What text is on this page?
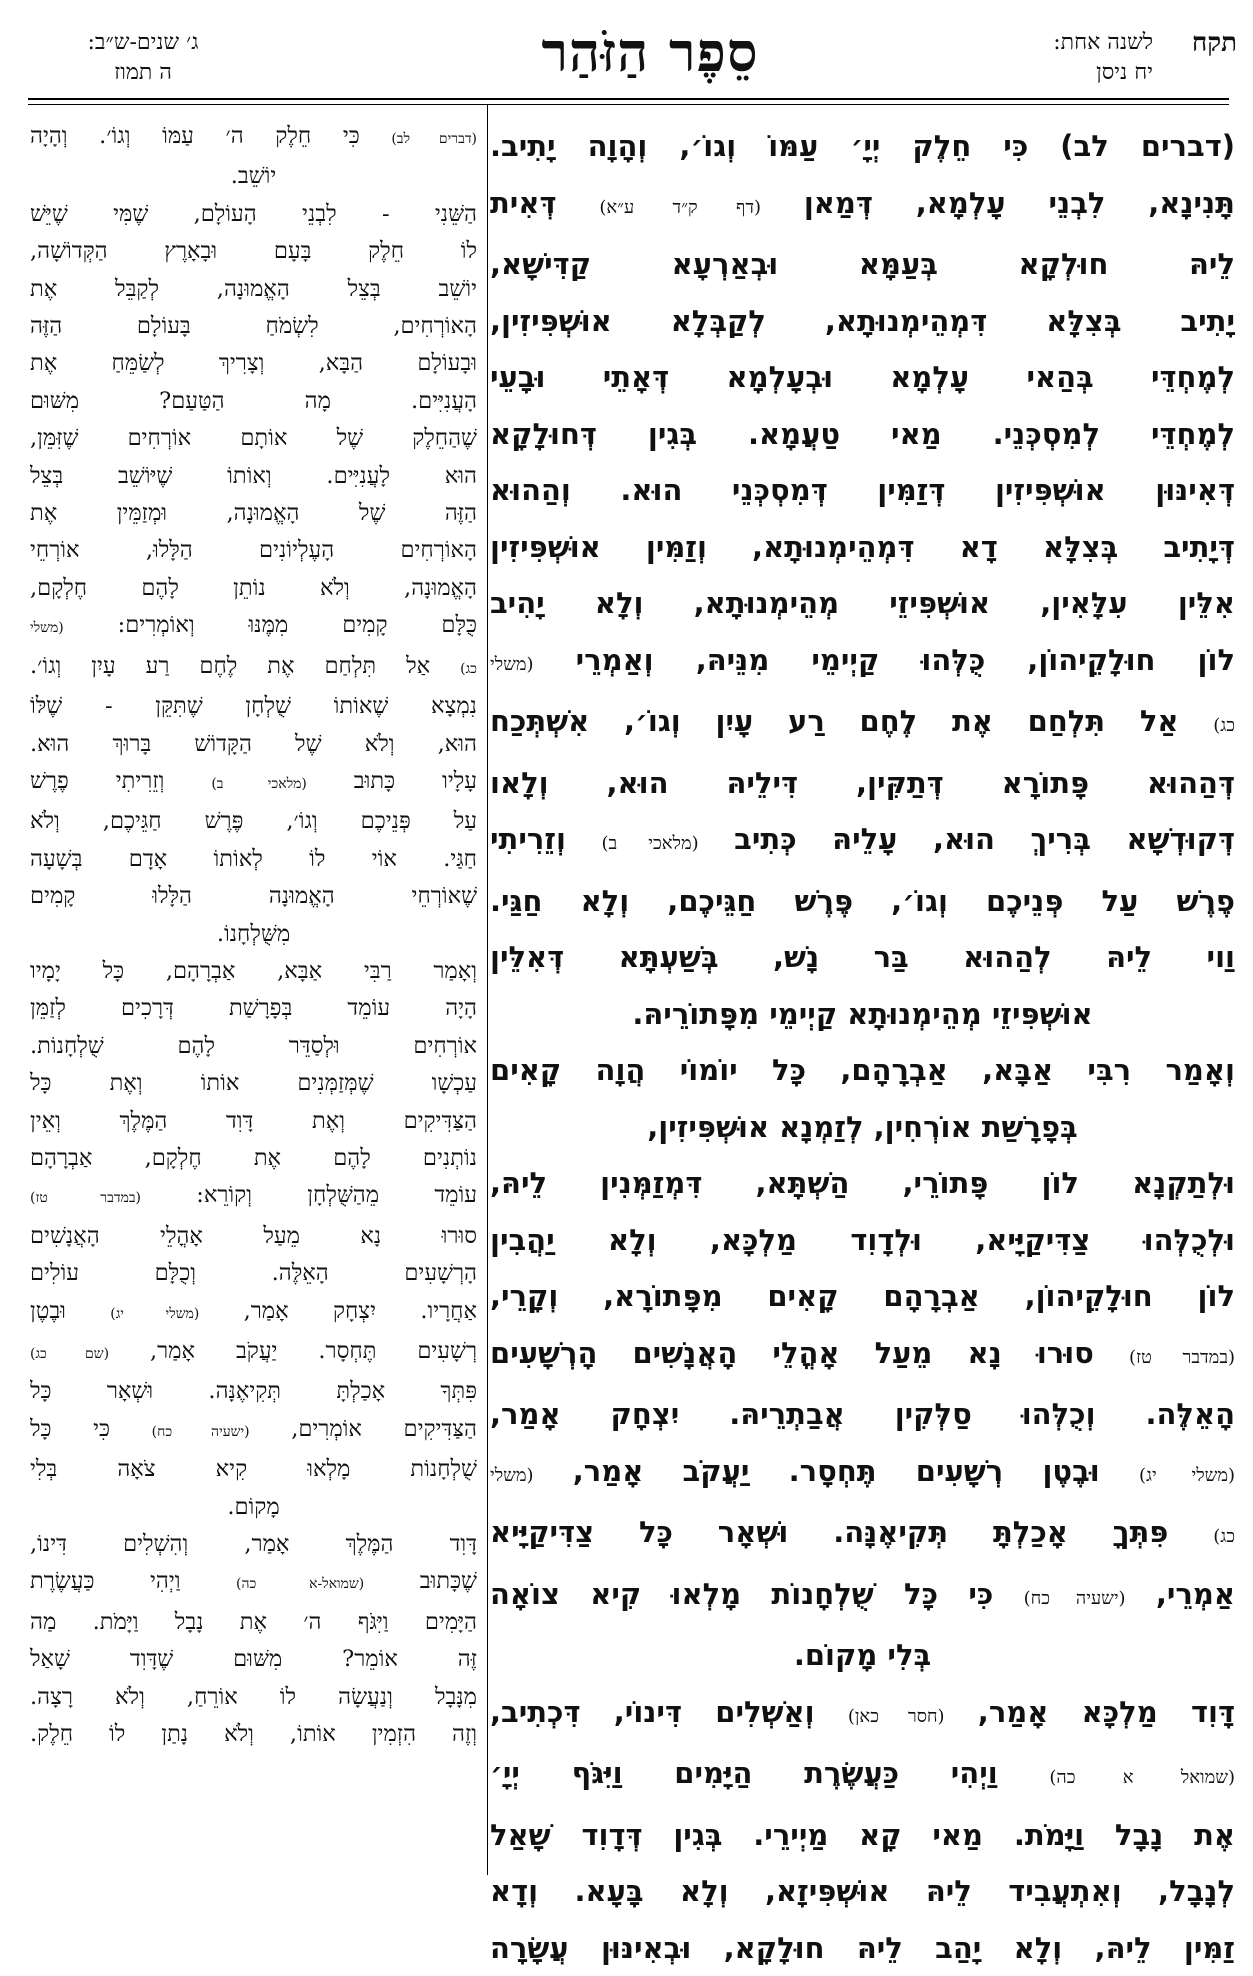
תקח
לשנה אחת:
יח ניסן
סֵפֶר הַזֹּהַר
ג׳ שנים-ש״ב:
ה תמוז
(דברים לב) כִּי חֵלֶק יְיָ׳ עַמּוֹ וְגוֹ׳, וְהָוָה יָתִיב.
תָּנִינָא, לִבְנֵי עָלְמָא, דְּמַאן (דף ק״ד ע״א) דְּאִית
לֵיהּ חוּלְקָא בְּעַמָּא וּבְאַרְעָא קַדִּישָׁא,
יָתִיב בְּצִלָּא דִּמְהֵימְנוּתָא, לְקַבְּלָא אוּשְׁפִּיזִין,
לְמֶחְדֵּי בְּהַאי עָלְמָא וּבְעָלְמָא דְּאָתֵי וּבָעֵי
לְמֶחְדֵּי לְמִסְכְּנֵי. מַאי טַעֲמָא. בְּגִין דְּחוּלָקָא
דְּאִינּוּן אוּשְׁפִּיזִין דְּזַמִּין דְּמִסְכְּנֵי הוּא. וְהַהוּא
דְּיָתִיב בְּצִלָּא דָא דִּמְהֵימְנוּתָא, וְזַמִּין אוּשְׁפִּיזִין
אִלֵּין עִלָּאִין, אוּשְׁפִּיזֵי מְהֵימְנוּתָא, וְלָא יָהִיב
לוֹן חוּלָקֵיהוֹן, כֻּלְּהוּ קַיְימֵי מִנֵּיהּ, וְאַמְרֵי (משלי
כג) אַל תִּלְחַם אֶת לֶחֶם רַע עָיִן וְגוֹ׳, אִשְׁתְּכַח
דְּהַהוּא פָּתוֹרָא דְּתַקִּין, דִּילֵיהּ הוּא, וְלָאו
דְּקוּדְשָׁא בְּרִיךְ הוּא, עָלֵיהּ כְּתִיב (מלאכי ב) וְזֵרִיתִי
פֶרֶשׁ עַל פְּנֵיכֶם וְגוֹ׳, פֶּרֶשׁ חַגֵּיכֶם, וְלָא חַגַּי.
וַוי לֵיהּ לְהַהוּא בַּר נָשׁ, בְּשַׁעְתָּא דְּאִלֵּין
אוּשְׁפִּיזֵי מְהֵימְנוּתָא קַיְימֵי מִפָּתוֹרֵיהּ.
וְאָמַר רִבִּי אַבָּא, אַבְרָהָם, כָּל יוֹמוֹי הֲוָה קָאִים
בְּפָרָשַׁת אוֹרְחִין, לְזַמְנָא אוּשְׁפִּיזִין,
וּלְתַקְנָא לוֹן פָּתוֹרֵי, הַשְׁתָּא, דִּמְזַמְּנִין לֵיהּ,
וּלְכֻלְּהוּ צַדִּיקַיָּיא, וּלְדָוִד מַלְכָּא, וְלָא יַהֲבִין
לוֹן חוּלָקֵיהוֹן, אַבְרָהָם קָאִים מִפָּתוֹרָא, וְקָרֵי,
(במדבר טז) סוּרוּ נָא מֵעַל אָהֳלֵי הָאֲנָשִׁים הָרְשָׁעִים
הָאֵלֶּה. וְכֻלְּהוּ סַלְּקִין אֲבַתְרֵיהּ. יִצְחָק אָמַר,
(משלי יג) וּבֶטֶן רְשָׁעִים תֶּחְסָר. יַעֲקֹב אָמַר, (משלי
כג) פִּתְּךָ אָכַלְתָּ תְּקִיאֶנָּה. וּשְׁאָר כָּל צַדִּיקַיָּיא
אַמְרֵי, (ישעיה כח) כִּי כָּל שֻׁלְחָנוֹת מָלְאוּ קִיא צוֹאָה
בְּלִי מָקוֹם.
דָּוִד מַלְכָּא אָמַר, (חסר כאן) וְאַשְׁלִים דִּינוֹי, דִּכְתִיב,
(שמואל א כה) וַיְהִי כַּעֲשֶׂרֶת הַיָּמִים וַיִּגֹּף יְיָ׳
אֶת נָבָל וַיָּמֹת. מַאי קָא מַיְירֵי. בְּגִין דְּדָוִד שָׁאַל
לְנָבָל, וְאִתְעֲבִיד לֵיהּ אוּשְׁפִּיזָא, וְלָא בָּעָא. וְדָא
זַמִּין לֵיהּ, וְלָא יָהַב לֵיהּ חוּלָקָא, וּבְאִינּוּן עֲשָׂרָה
(דברים לב) כִּי חֵלֶק ה׳ עַמּוֹ וְגוֹ׳. וְהָיָה
יוֹשֵׁב.
הַשֵּׁנִי - לִבְנֵי הָעוֹלָם, שֶׁמִּי שֶׁיֵּשׁ
לוֹ חֵלֶק בָּעָם וּבָאָרֶץ הַקְּדוֹשָׁה,
יוֹשֵׁב בְּצֵל הָאֱמוּנָה, לְקַבֵּל אֶת
הָאוֹרְחִים, לִשְׂמֹחַ בָּעוֹלָם הַזֶּה
וּבָעוֹלָם הַבָּא, וְצָרִיךְ לְשַׂמֵּחַ אֶת
הָעֲנִיִּים. מָה הַטַּעַם? מִשּׁוּם
שֶׁהַחֵלֶק שֶׁל אוֹתָם אוֹרְחִים שֶׁזִּמֵּן,
הוּא לָעֲנִיִּים. וְאוֹתוֹ שֶׁיּוֹשֵׁב בְּצֵל
הַזֶּה שֶׁל הָאֱמוּנָה, וּמְזַמֵּין אֶת
הָאוֹרְחִים הָעֶלְיוֹנִים הַלָּלוּ, אוֹרְחֵי
הָאֱמוּנָה, וְלֹא נוֹתֵן לָהֶם חֶלְקָם,
כֻּלָּם קָמִים מִמֶּנּוּ וְאוֹמְרִים: (משלי
כג) אַל תִּלְחַם אֶת לֶחֶם רַע עָיִן וְגוֹ׳.
נִמְצָא שֶׁאוֹתוֹ שֻׁלְחָן שֶׁתִּקֵּן - שֶׁלּוֹ
הוּא, וְלֹא שֶׁל הַקָּדוֹשׁ בָּרוּךְ הוּא.
עָלָיו כָּתוּב (מלאכי ב) וְזֵרִיתִי פֶרֶשׁ
עַל פְּנֵיכֶם וְגוֹ׳, פֶּרֶשׁ חַגֵּיכֶם, וְלֹא
חַגַּי. אוֹי לוֹ לְאוֹתוֹ אָדָם בְּשָׁעָה
שֶׁאוֹרְחֵי הָאֱמוּנָה הַלָּלוּ קָמִים
מִשֻּׁלְחָנוֹ.
וְאָמַר רַבִּי אַבָּא, אַבְרָהָם, כָּל יָמָיו
הָיָה עוֹמֵד בְּפָרָשַׁת דְּרָכִים לְזַמֵּן
אוֹרְחִים וּלְסַדֵּר לָהֶם שֻׁלְחָנוֹת.
עַכְשָׁו שֶׁמְּזַמְּנִים אוֹתוֹ וְאֶת כָּל
הַצַּדִּיקִים וְאֶת דָּוִד הַמֶּלֶךְ וְאֵין
נוֹתְנִים לָהֶם אֶת חֶלְקָם, אַבְרָהָם
עוֹמֵד מֵהַשֻּׁלְחָן וְקוֹרֵא: (במדבר טז)
סוּרוּ נָא מֵעַל אָהֳלֵי הָאֲנָשִׁים
הָרְשָׁעִים הָאֵלֶּה. וְכֻלָּם עוֹלִים
אַחֲרָיו. יִצְחָק אָמַר, (משלי יג) וּבֶטֶן
רְשָׁעִים תֶּחְסָר. יַעֲקֹב אָמַר, (שם כג)
פִּתְּךָ אָכַלְתָּ תְּקִיאֶנָּה. וּשְׁאָר כָּל
הַצַּדִּיקִים אוֹמְרִים, (ישעיה כח) כִּי כָּל
שֻׁלְחָנוֹת מָלְאוּ קִיא צֹאָה בְּלִי
מָקוֹם.
דָּוִד הַמֶּלֶךְ אָמַר, וְהִשְׁלִים דִּינוֹ,
שֶׁכָּתוּב (שמואל-א כה) וַיְהִי כַּעֲשֶׂרֶת
הַיָּמִים וַיִּגֹּף ה׳ אֶת נָבָל וַיָּמֹת. מַה
זֶּה אוֹמֵר? מִשּׁוּם שֶׁדָּוִד שָׁאַל
מִנָּבָל וְנַעֲשָׂה לוֹ אוֹרֵחַ, וְלֹא רָצָה.
וְזֶה הִזְמִין אוֹתוֹ, וְלֹא נָתַן לוֹ חֵלֶק.
